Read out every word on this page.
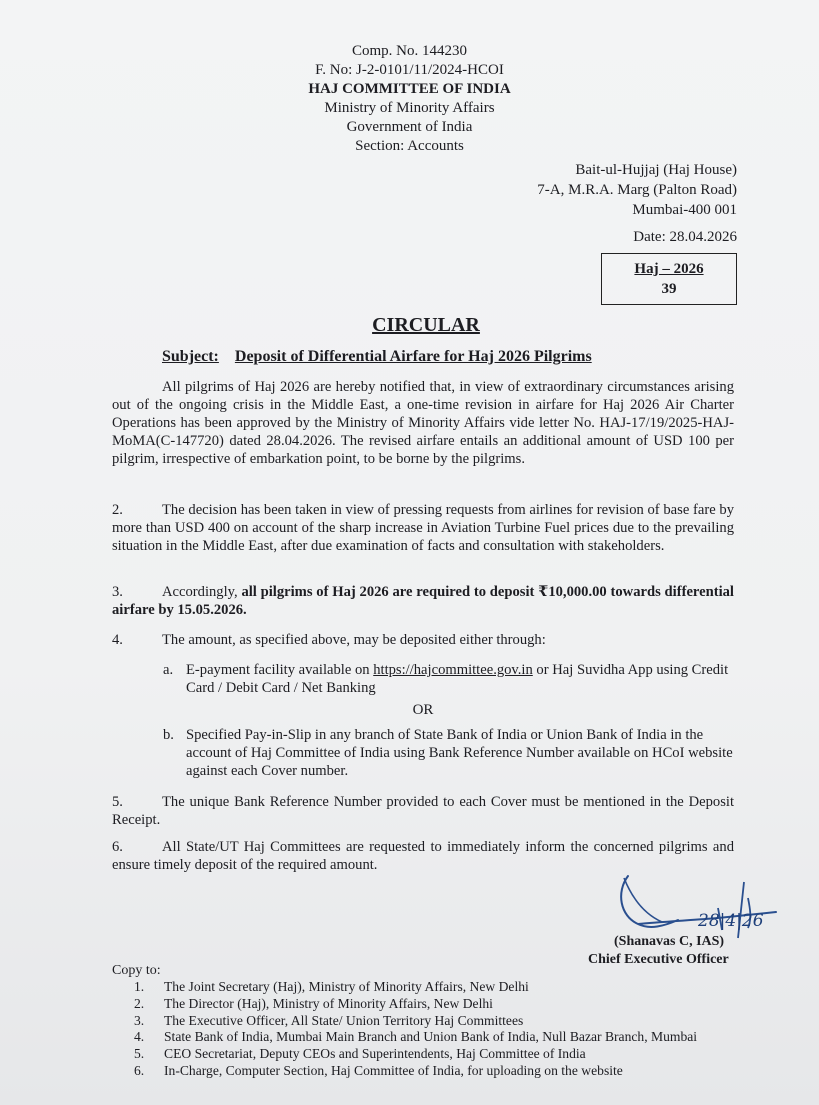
Comp. No. 144230
F. No: J-2-0101/11/2024-HCOI
HAJ COMMITTEE OF INDIA
Ministry of Minority Affairs
Government of India
Section: Accounts
Bait-ul-Hujjaj (Haj House)
7-A, M.R.A. Marg (Palton Road)
Mumbai-400 001
Date: 28.04.2026
Haj – 2026
39
CIRCULAR
Subject: Deposit of Differential Airfare for Haj 2026 Pilgrims
All pilgrims of Haj 2026 are hereby notified that, in view of extraordinary circumstances arising out of the ongoing crisis in the Middle East, a one-time revision in airfare for Haj 2026 Air Charter Operations has been approved by the Ministry of Minority Affairs vide letter No. HAJ-17/19/2025-HAJ-MoMA(C-147720) dated 28.04.2026. The revised airfare entails an additional amount of USD 100 per pilgrim, irrespective of embarkation point, to be borne by the pilgrims.
2.	The decision has been taken in view of pressing requests from airlines for revision of base fare by more than USD 400 on account of the sharp increase in Aviation Turbine Fuel prices due to the prevailing situation in the Middle East, after due examination of facts and consultation with stakeholders.
3.	Accordingly, all pilgrims of Haj 2026 are required to deposit ₹10,000.00 towards differential airfare by 15.05.2026.
4.	The amount, as specified above, may be deposited either through:
a. E-payment facility available on https://hajcommittee.gov.in or Haj Suvidha App using Credit Card / Debit Card / Net Banking
OR
b. Specified Pay-in-Slip in any branch of State Bank of India or Union Bank of India in the account of Haj Committee of India using Bank Reference Number available on HCoI website against each Cover number.
5.	The unique Bank Reference Number provided to each Cover must be mentioned in the Deposit Receipt.
6.	All State/UT Haj Committees are requested to immediately inform the concerned pilgrims and ensure timely deposit of the required amount.
28|4|26
(Shanavas C, IAS)
Chief Executive Officer
Copy to:
1. The Joint Secretary (Haj), Ministry of Minority Affairs, New Delhi
2. The Director (Haj), Ministry of Minority Affairs, New Delhi
3. The Executive Officer, All State/ Union Territory Haj Committees
4. State Bank of India, Mumbai Main Branch and Union Bank of India, Null Bazar Branch, Mumbai
5. CEO Secretariat, Deputy CEOs and Superintendents, Haj Committee of India
6. In-Charge, Computer Section, Haj Committee of India, for uploading on the website
